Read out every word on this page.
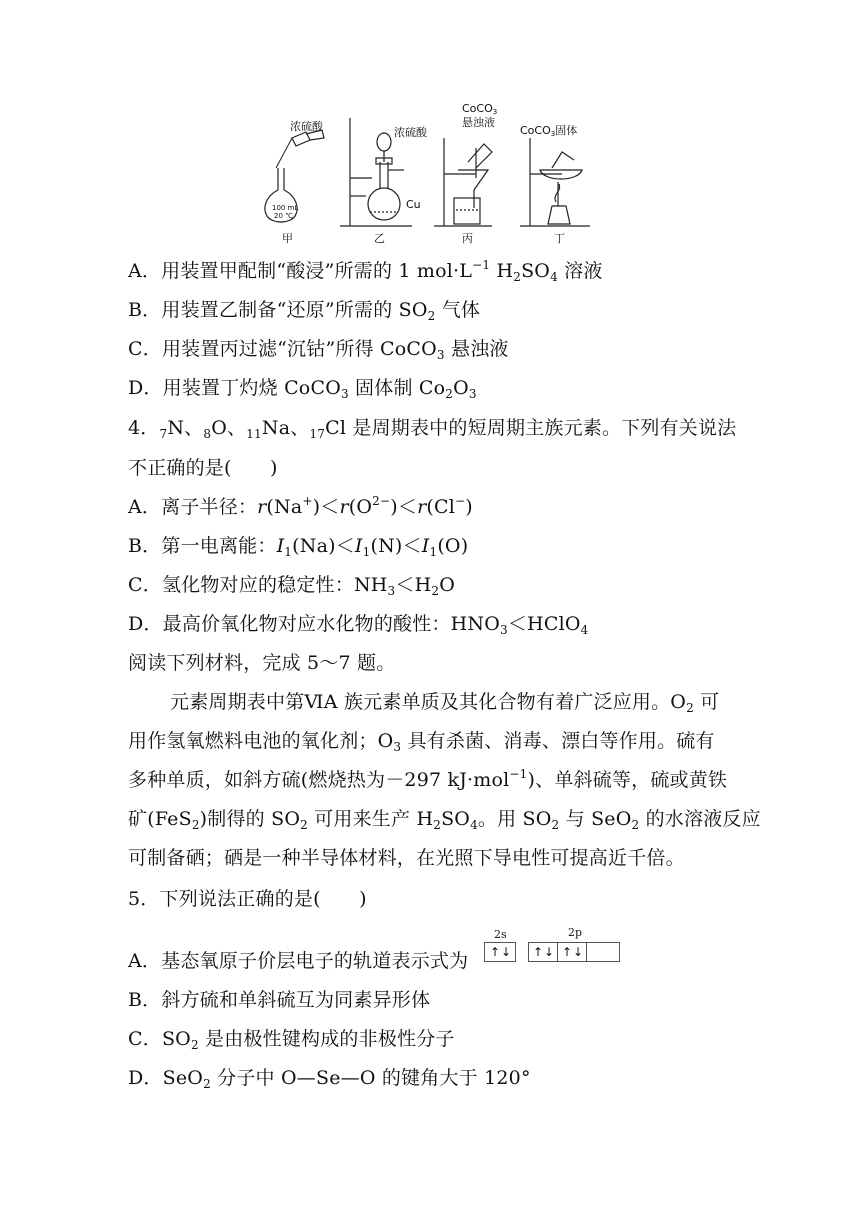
浓硫酸
100 mL
20 ℃
甲
浓硫酸
Cu
乙
CoCO3
悬浊液
丙
CoCO3固体
丁
A．用装置甲配制“酸浸”所需的 1 $mol\cdot L^{-1}$ $H_2SO_4$ 溶液
B．用装置乙制备“还原”所需的 $SO_2$ 气体
C．用装置丙过滤“沉钴”所得 CoCO$_3$ 悬浊液
D．用装置丁灼烧 CoCO$_3$ 固体制 $Co_2O_3$
4．$_7$N、$_8$O、$_{11}$Na、$_{17}$Cl 是周期表中的短周期主族元素。下列有关说法
不正确的是(　　)
A．离子半径：$r(Na^+)<r(O^{2-})<r(Cl^-)$
B．第一电离能：$I_1(Na)<I_1(N)<I_1(O)$
C．氢化物对应的稳定性：$NH_3<H_2O$
D．最高价氧化物对应水化物的酸性：$HNO_3<HClO_4$
阅读下列材料，完成 5～7 题。
元素周期表中第ⅥA 族元素单质及其化合物有着广泛应用。$O_2$ 可
用作氢氧燃料电池的氧化剂；$O_3$ 具有杀菌、消毒、漂白等作用。硫有
多种单质，如斜方硫(燃烧热为－297 kJ·mol$^{-1}$)、单斜硫等，硫或黄铁
矿(FeS$_2$)制得的 $SO_2$ 可用来生产 $H_2SO_4$。用 $SO_2$ 与 SeO$_2$ 的水溶液反应
可制备硒；硒是一种半导体材料，在光照下导电性可提高近千倍。
5．下列说法正确的是(　　)
A．基态氧原子价层电子的轨道表示式为
2s	2p
↑ ↓ ↑ ↓ ↑ ↓
B．斜方硫和单斜硫互为同素异形体
C．$SO_2$ 是由极性键构成的非极性分子
D．SeO$_2$ 分子中 O—Se—O 的键角大于 120°
